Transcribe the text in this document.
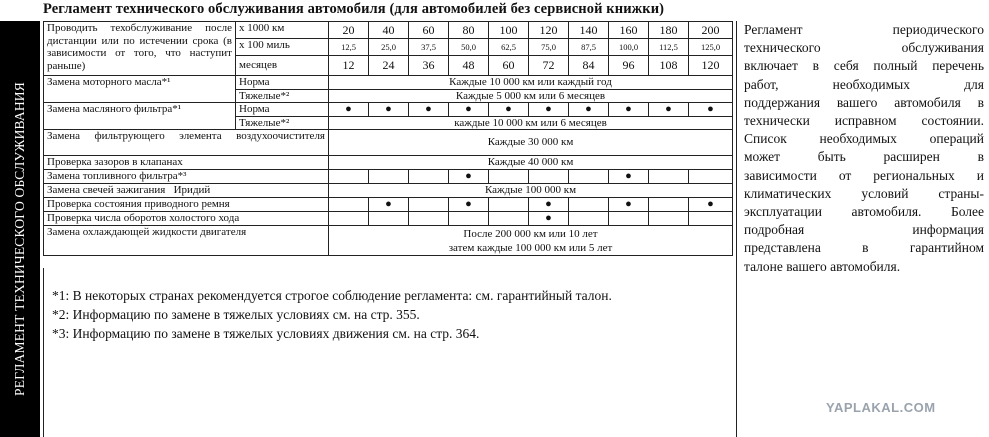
Регламент технического обслуживания автомобиля (для автомобилей без сервисной книжки)
РЕГЛАМЕНТ ТЕХНИЧЕСКОГО ОБСЛУЖИВАНИЯ
Проводить техобслуживание после дистанции или по истечении срока (в зависимости от того, что наступит раньше)	x 1000 км	20	40	60	80	100	120	140	160	180	200
	x 100 миль	12,5	25,0	37,5	50,0	62,5	75,0	87,5	100,0	112,5	125,0
	месяцев	12	24	36	48	60	72	84	96	108	120
Замена моторного масла*¹	Норма	Каждые 10 000 км или каждый год									
	Тяжелые*²	Каждые 5 000 км или 6 месяцев									
Замена масляного фильтра*¹	Норма	●	●	●	●	●	●	●	●	●	●
	Тяжелые*²	каждые 10 000 км или 6 месяцев									
Замена фильтрующего элемента воздухоочистителя		Каждые 30 000 км									
Проверка зазоров в клапанах		Каждые 40 000 км									
Замена топливного фильтра*³					●				●		
Замена свечей зажигания   Иридий		Каждые 100 000 км									
Проверка состояния приводного ремня			●		●		●		●		●
Проверка числа оборотов холостого хода							●				
Замена охлаждающей жидкости двигателя		После 200 000 км или 10 лет
затем каждые 100 000 км или 5 лет									
*1: В некоторых странах рекомендуется строгое соблюдение регламента: см. гарантийный талон.
*2: Информацию по замене в тяжелых условиях см. на стр. 355.
*3: Информацию по замене в тяжелых условиях движения см. на стр. 364.
Регламент периодического
технического обслуживания
включает в себя полный перечень
работ, необходимых для
поддержания вашего автомобиля в
технически исправном состоянии.
Список необходимых операций
может быть расширен в
зависимости от региональных и
климатических условий страны-
эксплуатации автомобиля. Более
подробная информация
представлена в гарантийном
талоне вашего автомобиля.
YAPLAKAL.COM
